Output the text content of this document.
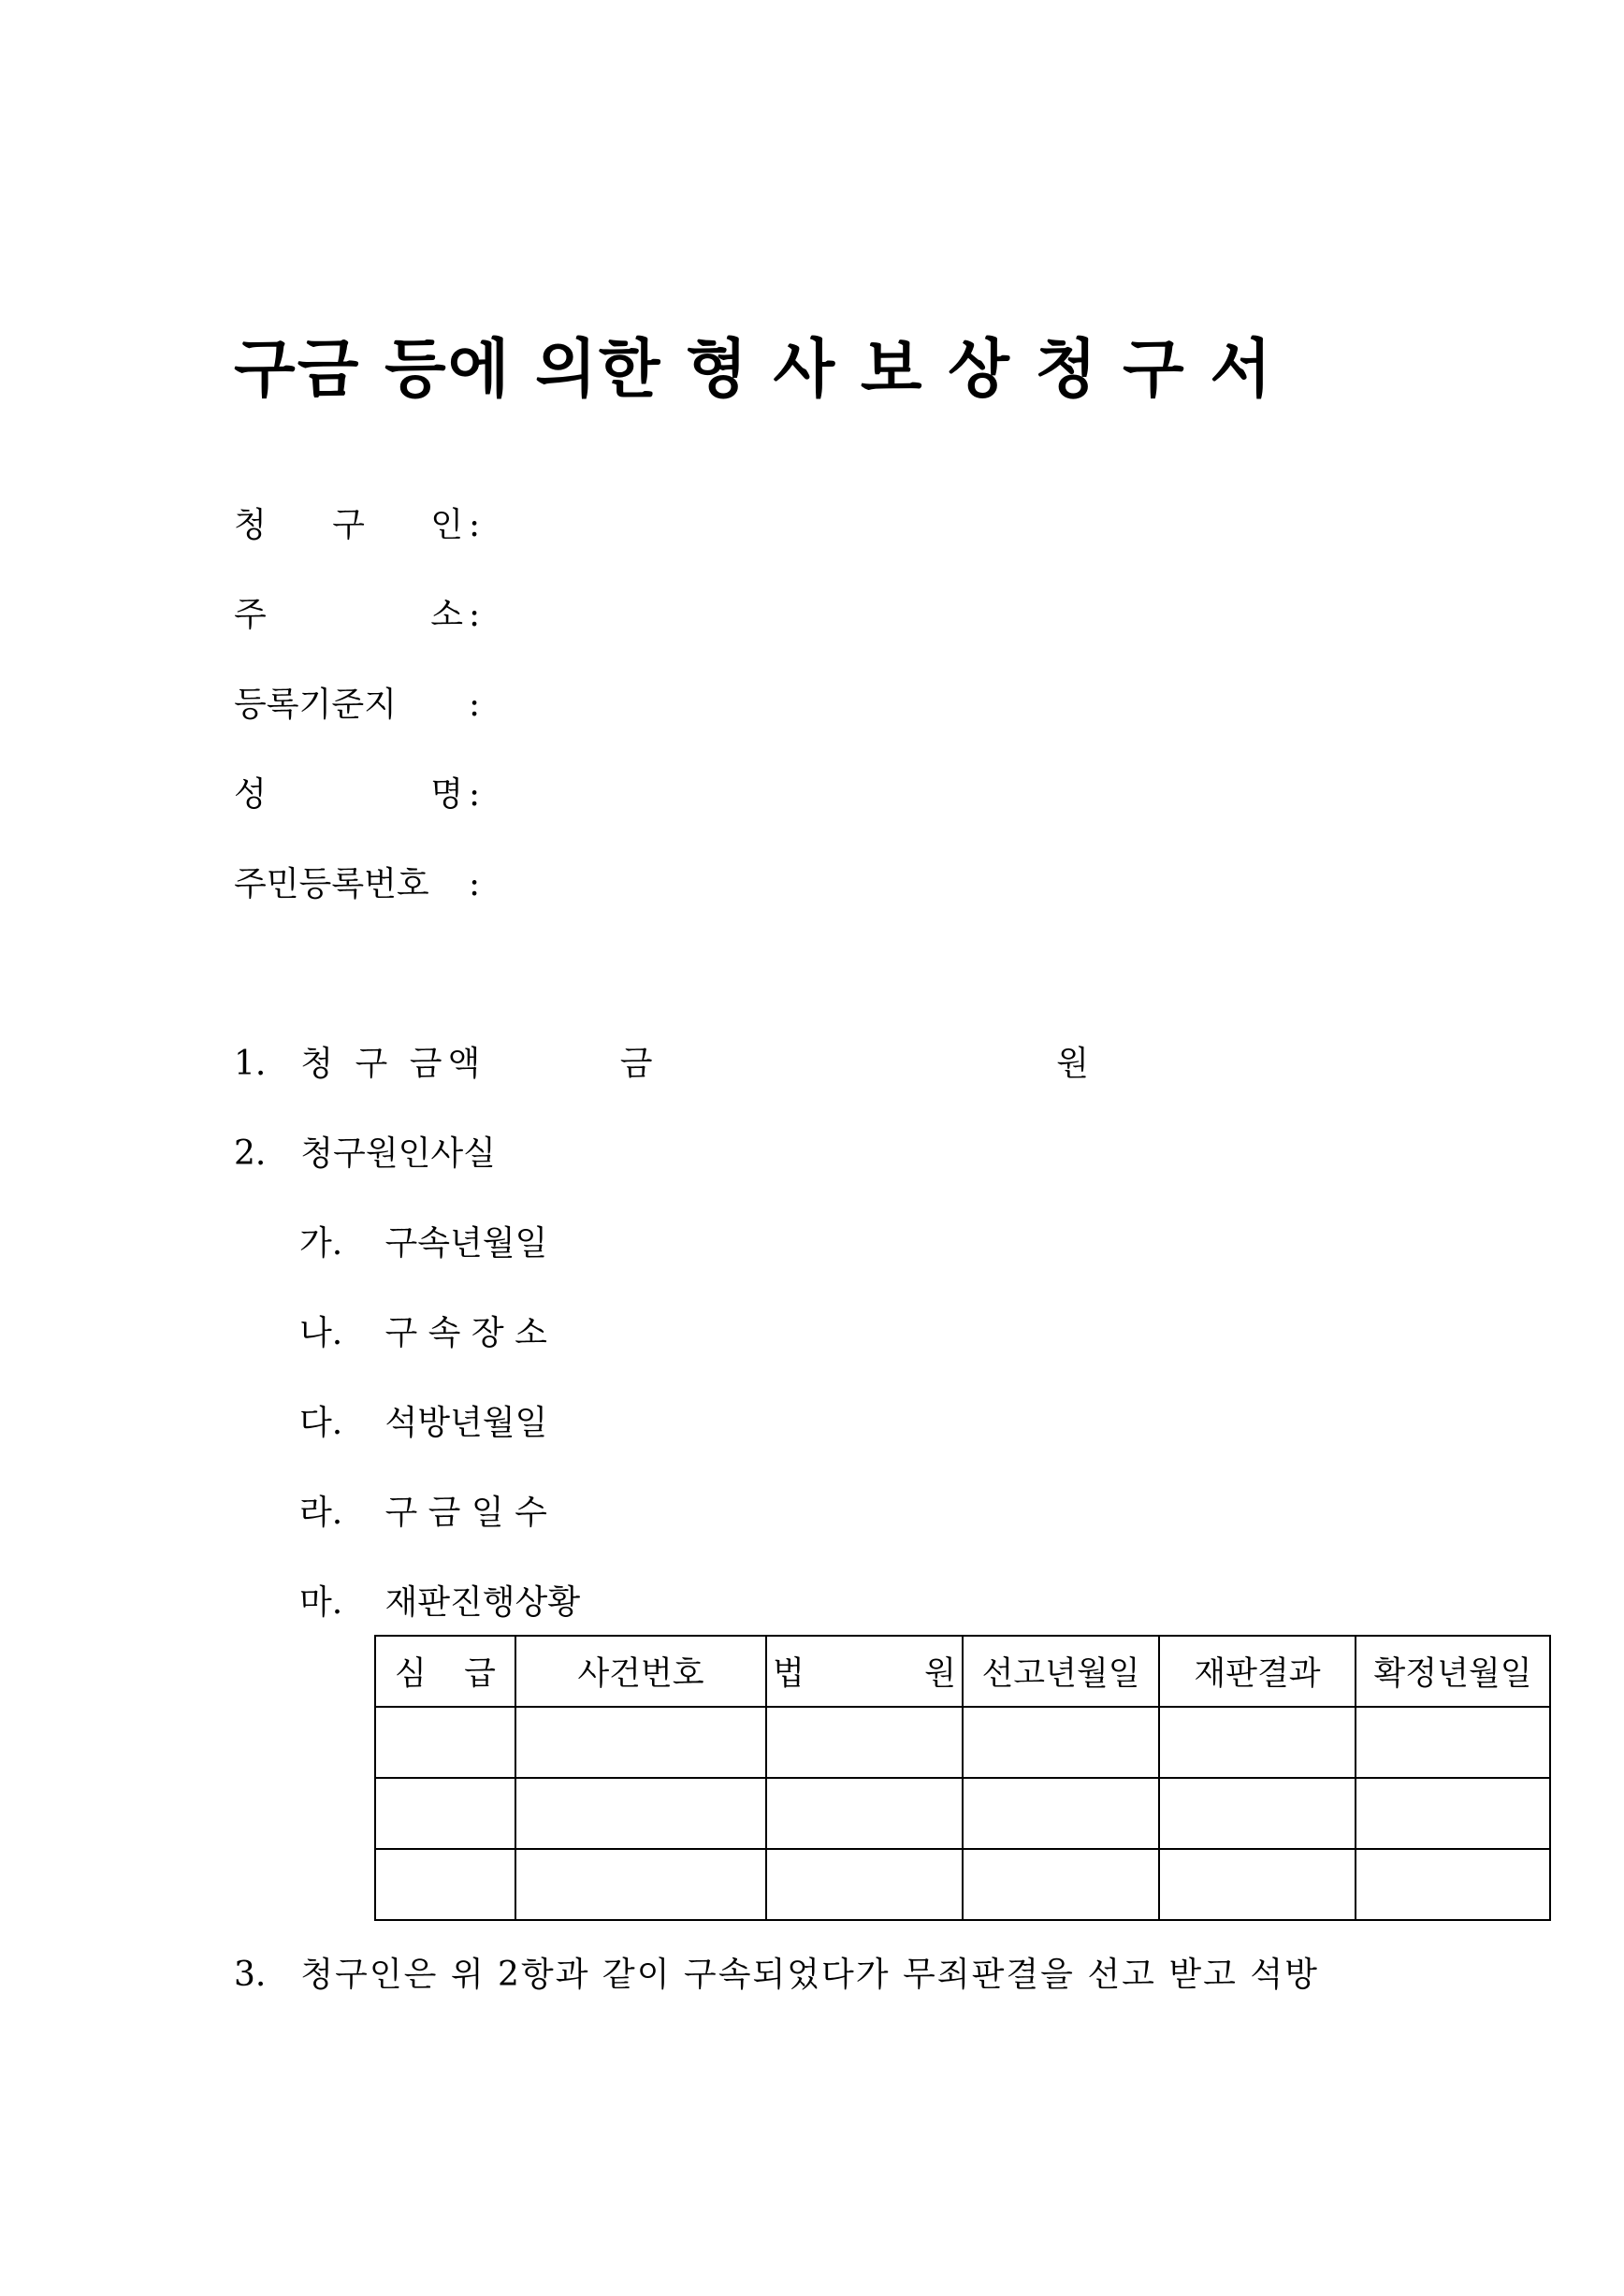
구금 등에 의한 형 사 보 상 청 구 서
청 구 인 :
주 소 :
등록기준지	:
성 명 :
주민등록번호	:
1. 청 구 금액	금	원
2. 청구원인사실
가. 구속년월일
나. 구 속 장 소
다. 석방년월일
라. 구 금 일 수
마. 재판진행상황
심 급	사건번호	법 원	선고년월일	재판결과	확정년월일

3. 청구인은 위 2항과 같이 구속되었다가 무죄판결을 선고 받고 석방
